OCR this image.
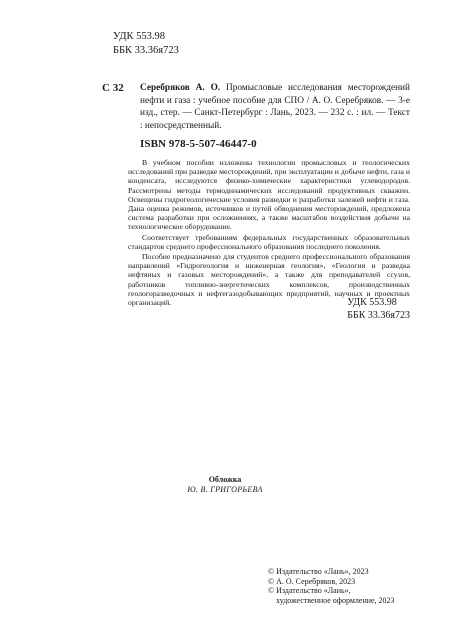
УДК 553.98
ББК 33.36я723
С 32 Серебряков А. О. Промысловые исследования месторождений нефти и газа : учебное пособие для СПО / А. О. Серебряков. — 3-е изд., стер. — Санкт-Петербург : Лань, 2023. — 232 с. : ил. — Текст : непосредственный.
ISBN 978-5-507-46447-0

В учебном пособии изложены технологии промысловых и геологических исследований при разведке месторождений, при эксплуатации и добыче нефти, газа и конденсата, исследуются физико-химические характеристики углеводородов. Рассмотрены методы термодинамических исследований продуктивных скважин. Освещены гидрогеологические условия разведки и разработки залежей нефти и газа. Дана оценка режимов, источников и путей обводнения месторождений, предложена система разработки при осложнениях, а также масштабов воздействия добычи на технологическое оборудование.

Соответствует требованиям федеральных государственных образовательных стандартов среднего профессионального образования последнего поколения.

Пособие предназначено для студентов среднего профессионального образования направлений «Гидрогеология и инженерная геология», «Геология и разведка нефтяных и газовых месторождений», а также для преподавателей ссузов, работников топливно-энергетических комплексов, производственных геологоразведочных и нефтегазодобывающих предприятий, научных и проектных организаций.	УДК 553.98
ББК 33.36я723
Обложка
Ю. В. ГРИГОРЬЕВА
© Издательство «Лань», 2023
© А. О. Серебряков, 2023
© Издательство «Лань»,
художественное оформление, 2023
